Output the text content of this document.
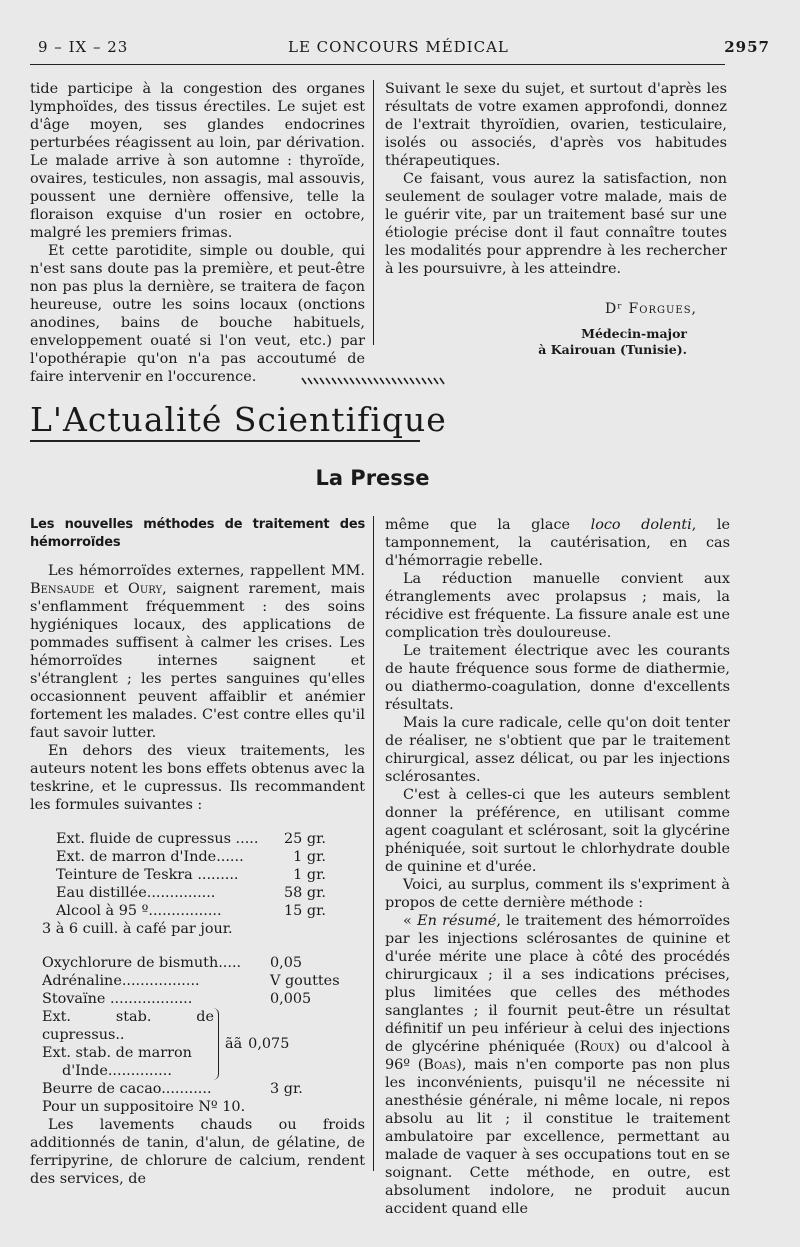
9 – IX – 23	LE CONCOURS MÉDICAL	2957

tide participe à la congestion des organes lymphoïdes, des tissus érectiles. Le sujet est d'âge moyen, ses glandes endocrines perturbées réagissent au loin, par dérivation. Le malade arrive à son automne : thyroïde, ovaires, testicules, non assagis, mal assouvis, poussent une dernière offensive, telle la floraison exquise d'un rosier en octobre, malgré les premiers frimas.

Et cette parotidite, simple ou double, qui n'est sans doute pas la première, et peut-être non pas plus la dernière, se traitera de façon heureuse, outre les soins locaux (onctions anodines, bains de bouche habituels, enveloppement ouaté si l'on veut, etc.) par l'opothérapie qu'on n'a pas accoutumé de faire intervenir en l'occurence.

Suivant le sexe du sujet, et surtout d'après les résultats de votre examen approfondi, donnez de l'extrait thyroïdien, ovarien, testiculaire, isolés ou associés, d'après vos habitudes thérapeutiques.

Ce faisant, vous aurez la satisfaction, non seulement de soulager votre malade, mais de le guérir vite, par un traitement basé sur une étiologie précise dont il faut connaître toutes les modalités pour apprendre à les rechercher à les poursuivre, à les atteindre.

Dʳ Forgues,
Médecin-major
à Kairouan (Tunisie).
L'Actualité Scientifique
La Presse
Les nouvelles méthodes de traitement des hémorroïdes

Les hémorroïdes externes, rappellent MM. Bensaude et Oury, saignent rarement, mais s'enflamment fréquemment : des soins hygiéniques locaux, des applications de pommades suffisent à calmer les crises. Les hémorroïdes internes saignent et s'étranglent ; les pertes sanguines qu'elles occasionnent peuvent affaiblir et anémier fortement les malades. C'est contre elles qu'il faut savoir lutter.

En dehors des vieux traitements, les auteurs notent les bons effets obtenus avec la teskrine, et le cupressus. Ils recommandent les formules suivantes :

Ext. fluide de cupressus .....	25 gr.
Ext. de marron d'Inde......	1 gr.
Teinture de Teskra .........	1 gr.
Eau distillée...............	58 gr.
Alcool à 95 º................	15 gr.

3 à 6 cuill. à café par jour.

Oxychlorure de bismuth.....	0,05
Adrénaline.................	V gouttes
Stovaïne ..................	0,005
Ext. stab. de cupressus..
Ext. stab. de marron
d'Inde..............
ãã 0,075
Beurre de cacao...........	3 gr.

Pour un suppositoire Nº 10.

Les lavements chauds ou froids additionnés de tanin, d'alun, de gélatine, de ferripyrine, de chlorure de calcium, rendent des services, de

même que la glace loco dolenti, le tamponnement, la cautérisation, en cas d'hémorragie rebelle.

La réduction manuelle convient aux étranglements avec prolapsus ; mais, la récidive est fréquente. La fissure anale est une complication très douloureuse.

Le traitement électrique avec les courants de haute fréquence sous forme de diathermie, ou diathermo-coagulation, donne d'excellents résultats.

Mais la cure radicale, celle qu'on doit tenter de réaliser, ne s'obtient que par le traitement chirurgical, assez délicat, ou par les injections sclérosantes.

C'est à celles-ci que les auteurs semblent donner la préférence, en utilisant comme agent coagulant et sclérosant, soit la glycérine phéniquée, soit surtout le chlorhydrate double de quinine et d'urée.

Voici, au surplus, comment ils s'expriment à propos de cette dernière méthode :

« En résumé, le traitement des hémorroïdes par les injections sclérosantes de quinine et d'urée mérite une place à côté des procédés chirurgicaux ; il a ses indications précises, plus limitées que celles des méthodes sanglantes ; il fournit peut-être un résultat définitif un peu inférieur à celui des injections de glycérine phéniquée (Roux) ou d'alcool à 96º (Boas), mais n'en comporte pas non plus les inconvénients, puisqu'il ne nécessite ni anesthésie générale, ni même locale, ni repos absolu au lit ; il constitue le traitement ambulatoire par excellence, permettant au malade de vaquer à ses occupations tout en se soignant. Cette méthode, en outre, est absolument indolore, ne produit aucun accident quand elle
